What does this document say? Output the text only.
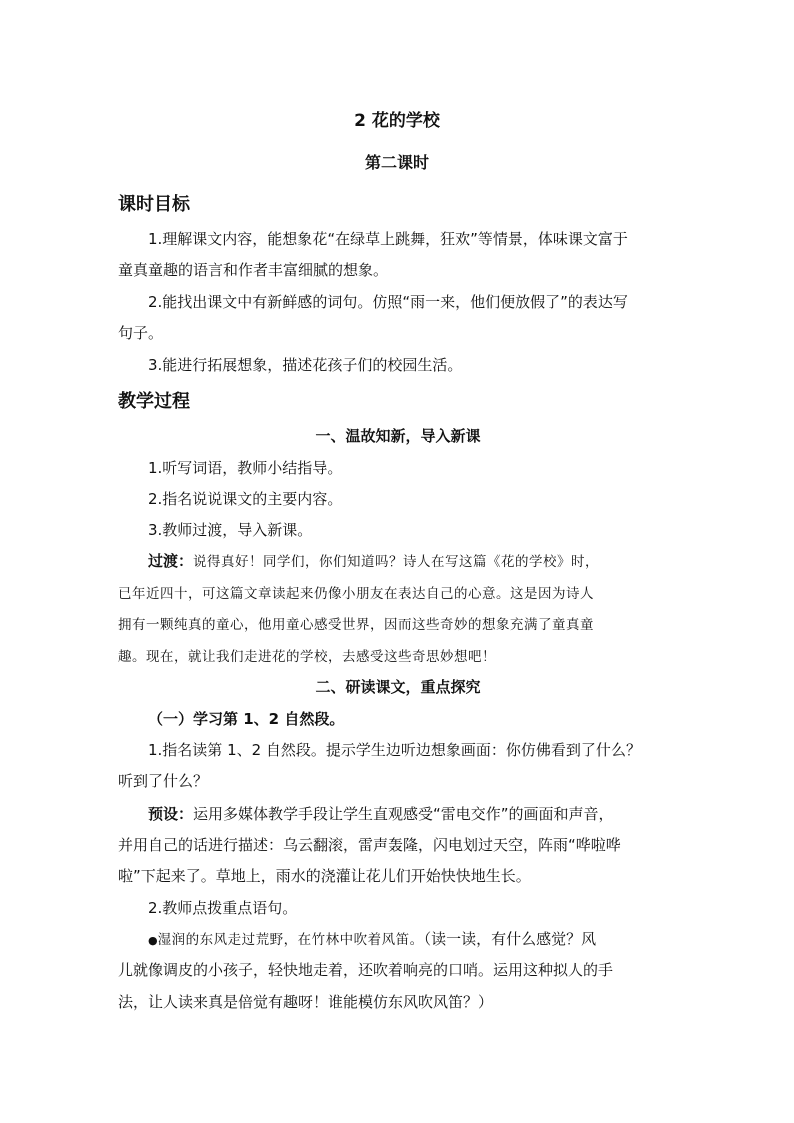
2 花的学校
第二课时
课时目标
1.理解课文内容，能想象花“在绿草上跳舞，狂欢”等情景，体味课文富于
童真童趣的语言和作者丰富细腻的想象。
2.能找出课文中有新鲜感的词句。仿照“雨一来，他们便放假了”的表达写
句子。
3.能进行拓展想象，描述花孩子们的校园生活。
教学过程
一、温故知新，导入新课
1.听写词语，教师小结指导。
2.指名说说课文的主要内容。
3.教师过渡，导入新课。
过渡：说得真好！同学们，你们知道吗？诗人在写这篇《花的学校》时，
已年近四十，可这篇文章读起来仍像小朋友在表达自己的心意。这是因为诗人
拥有一颗纯真的童心，他用童心感受世界，因而这些奇妙的想象充满了童真童
趣。现在，就让我们走进花的学校，去感受这些奇思妙想吧！
二、研读课文，重点探究
（一）学习第 1、2 自然段。
1.指名读第 1、2 自然段。提示学生边听边想象画面：你仿佛看到了什么？
听到了什么？
预设：运用多媒体教学手段让学生直观感受“雷电交作”的画面和声音，
并用自己的话进行描述：乌云翻滚，雷声轰隆，闪电划过天空，阵雨“哗啦哗
啦”下起来了。草地上，雨水的浇灌让花儿们开始快快地生长。
2.教师点拨重点语句。
●湿润的东风走过荒野，在竹林中吹着风笛。（读一读，有什么感觉？风
儿就像调皮的小孩子，轻快地走着，还吹着响亮的口哨。运用这种拟人的手
法，让人读来真是倍觉有趣呀！谁能模仿东风吹风笛？）
